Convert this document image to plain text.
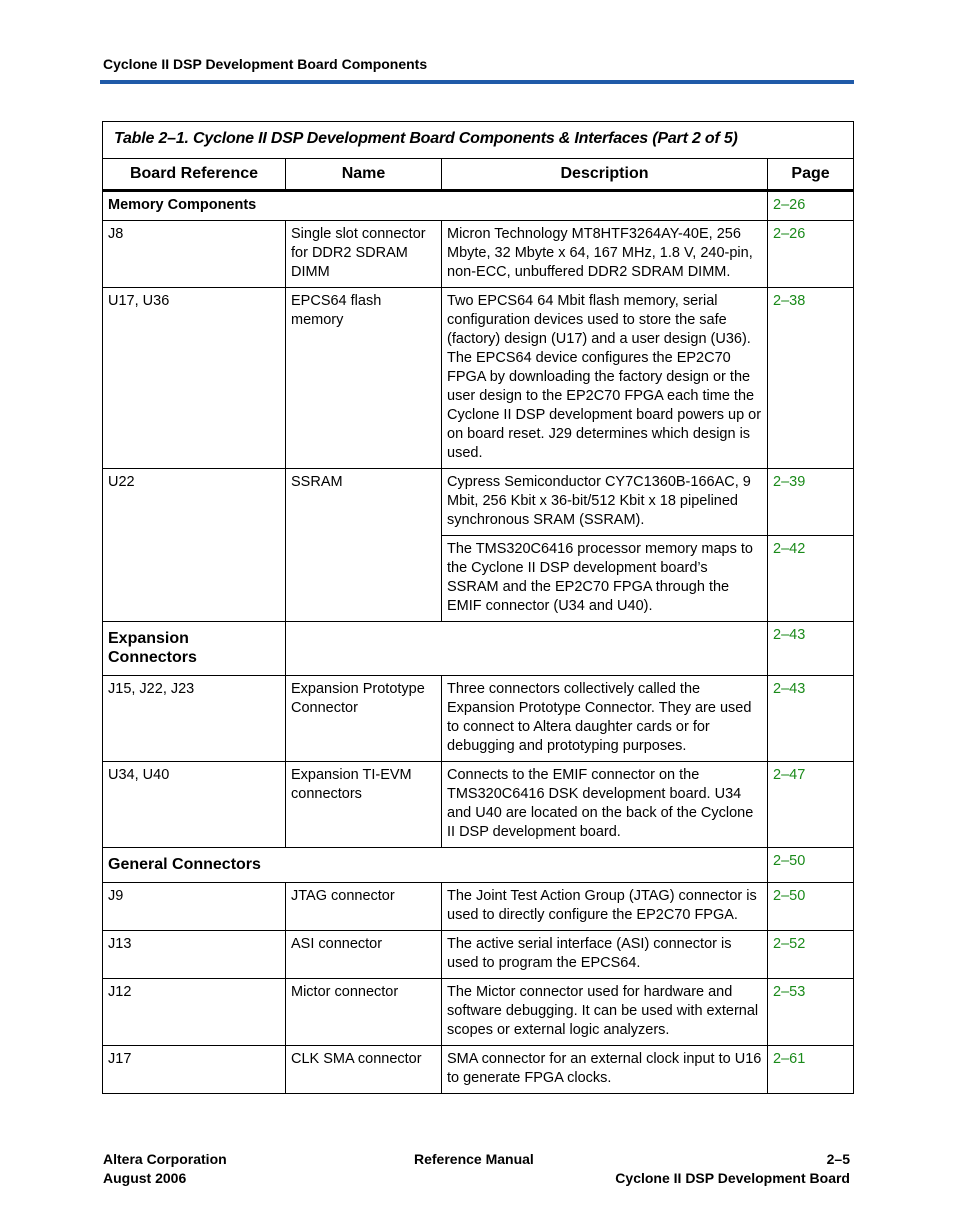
Cyclone II DSP Development Board Components
Table 2–1. Cyclone II DSP Development Board Components & Interfaces (Part 2 of 5)			
Board Reference	Name	Description	Page
Memory Components			2–26
J8	Single slot connector for DDR2 SDRAM DIMM	Micron Technology MT8HTF3264AY-40E, 256 Mbyte, 32 Mbyte x 64, 167 MHz, 1.8 V, 240-pin, non-ECC, unbuffered DDR2 SDRAM DIMM.	2–26
U17, U36	EPCS64 flash memory	Two EPCS64 64 Mbit flash memory, serial configuration devices used to store the safe (factory) design (U17) and a user design (U36). The EPCS64 device configures the EP2C70 FPGA by downloading the factory design or the user design to the EP2C70 FPGA each time the Cyclone II DSP development board powers up or on board reset. J29 determines which design is used.	2–38
U22	SSRAM	Cypress Semiconductor CY7C1360B-166AC, 9 Mbit, 256 Kbit x 36-bit/512 Kbit x 18 pipelined synchronous SRAM (SSRAM).	2–39
		The TMS320C6416 processor memory maps to the Cyclone II DSP development board’s SSRAM and the EP2C70 FPGA through the EMIF connector (U34 and U40).	2–42
Expansion Connectors			2–43
J15, J22, J23	Expansion Prototype Connector	Three connectors collectively called the Expansion Prototype Connector. They are used to connect to Altera daughter cards or for debugging and prototyping purposes.	2–43
U34, U40	Expansion TI-EVM connectors	Connects to the EMIF connector on the TMS320C6416 DSK development board. U34 and U40 are located on the back of the Cyclone II DSP development board.	2–47
General Connectors			2–50
J9	JTAG connector	The Joint Test Action Group (JTAG) connector is used to directly configure the EP2C70 FPGA.	2–50
J13	ASI connector	The active serial interface (ASI) connector is used to program the EPCS64.	2–52
J12	Mictor connector	The Mictor connector used for hardware and software debugging. It can be used with external scopes or external logic analyzers.	2–53
J17	CLK SMA connector	SMA connector for an external clock input to U16 to generate FPGA clocks.	2–61
Altera Corporation
August 2006
Reference Manual	2–5
Cyclone II DSP Development Board
